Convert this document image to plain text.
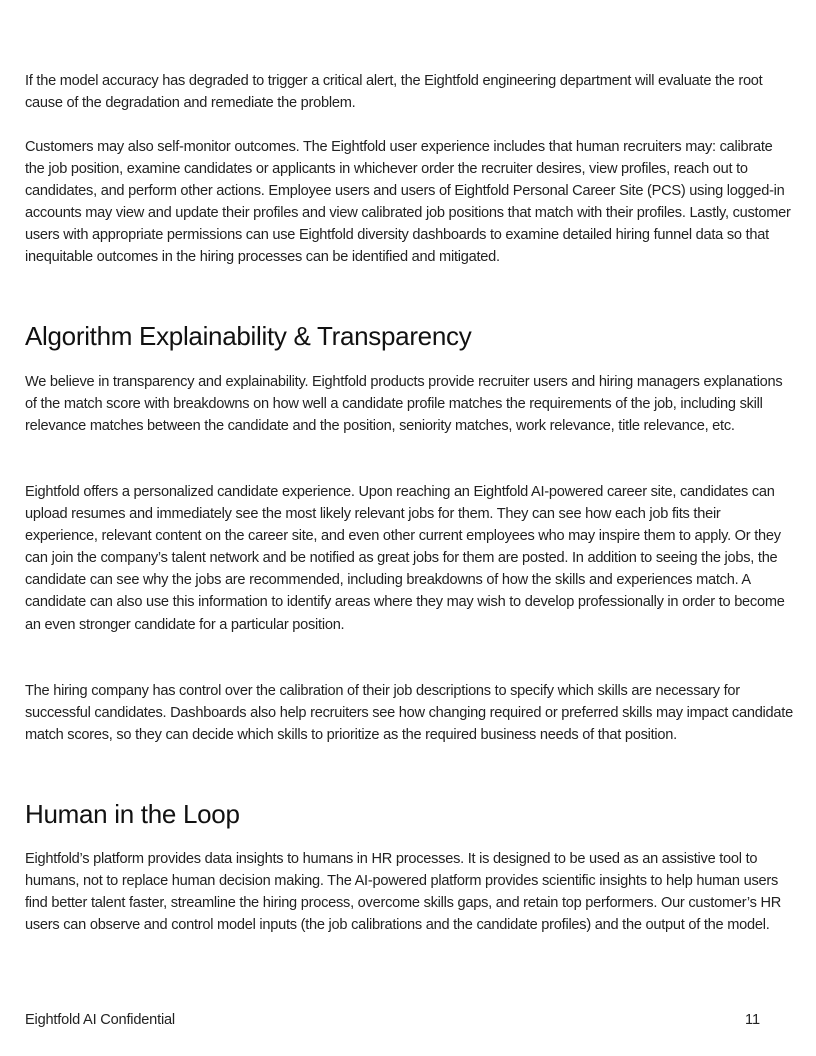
If the model accuracy has degraded to trigger a critical alert, the Eightfold engineering department will evaluate the root cause of the degradation and remediate the problem.

Customers may also self-monitor outcomes. The Eightfold user experience includes that human recruiters may: calibrate the job position, examine candidates or applicants in whichever order the recruiter desires, view profiles, reach out to candidates, and perform other actions. Employee users and users of Eightfold Personal Career Site (PCS) using logged-in accounts may view and update their profiles and view calibrated job positions that match with their profiles. Lastly, customer users with appropriate permissions can use Eightfold diversity dashboards to examine detailed hiring funnel data so that inequitable outcomes in the hiring processes can be identified and mitigated.

Algorithm Explainability & Transparency

We believe in transparency and explainability. Eightfold products provide recruiter users and hiring managers explanations of the match score with breakdowns on how well a candidate profile matches the requirements of the job, including skill relevance matches between the candidate and the position, seniority matches, work relevance, title relevance, etc.

Eightfold offers a personalized candidate experience. Upon reaching an Eightfold AI-powered career site, candidates can upload resumes and immediately see the most likely relevant jobs for them. They can see how each job fits their experience, relevant content on the career site, and even other current employees who may inspire them to apply. Or they can join the company’s talent network and be notified as great jobs for them are posted. In addition to seeing the jobs, the candidate can see why the jobs are recommended, including breakdowns of how the skills and experiences match. A candidate can also use this information to identify areas where they may wish to develop professionally in order to become an even stronger candidate for a particular position.

The hiring company has control over the calibration of their job descriptions to specify which skills are necessary for successful candidates. Dashboards also help recruiters see how changing required or preferred skills may impact candidate match scores, so they can decide which skills to prioritize as the required business needs of that position.

Human in the Loop

Eightfold’s platform provides data insights to humans in HR processes. It is designed to be used as an assistive tool to humans, not to replace human decision making. The AI-powered platform provides scientific insights to help human users find better talent faster, streamline the hiring process, overcome skills gaps, and retain top performers. Our customer’s HR users can observe and control model inputs (the job calibrations and the candidate profiles) and the output of the model.

Eightfold AI Confidential	11
